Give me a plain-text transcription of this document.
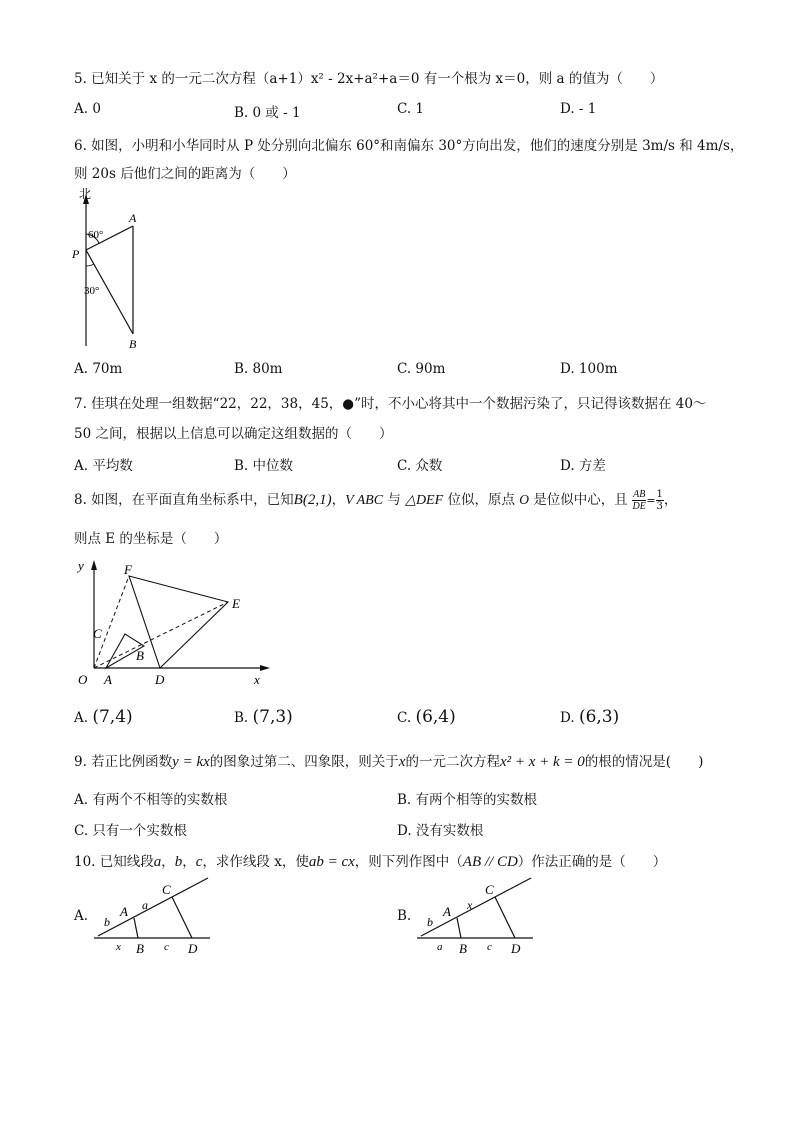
5. 已知关于 x 的一元二次方程（a+1）x² - 2x+a²+a＝0 有一个根为 x＝0，则 a 的值为（　　）
A. 0	B. 0 或 - 1	C. 1	D. - 1
6. 如图，小明和小华同时从 P 处分别向北偏东 60°和南偏东 30°方向出发，他们的速度分别是 3m/s 和 4m/s，
则 20s 后他们之间的距离为（　　）
北
A
P
B
60°
30°
A. 70m	B. 80m	C. 90m	D. 100m
7. 佳琪在处理一组数据“22，22，38，45，●”时，不小心将其中一个数据污染了，只记得该数据在 40～
50 之间，根据以上信息可以确定这组数据的（　　）
A. 平均数	B. 中位数	C. 众数	D. 方差
8. 如图，在平面直角坐标系中，已知B(2,1)，V ABC 与 △DEF 位似，原点 O 是位似中心，且 $\frac{AB}{DE} = \frac{1}{3}$ ，
则点 E 的坐标是（　　）
y
x
O A	D
C
B
F
E
A. (7,4)	B. (7,3)	C. (6,4)	D. (6,3)
9. 若正比例函数y = kx的图象过第二、四象限，则关于x的一元二次方程x² + x + k = 0的根的情况是(　　)
A. 有两个不相等的实数根	B. 有两个相等的实数根
C. 只有一个实数根	D. 没有实数根
10. 已知线段a，b，c，求作线段 x，使ab = cx，则下列作图中（AB // CD）作法正确的是（　　）
A.
C
A
B	D
b
a
x	c
B.
C
A
B	D
b
x
a	c
